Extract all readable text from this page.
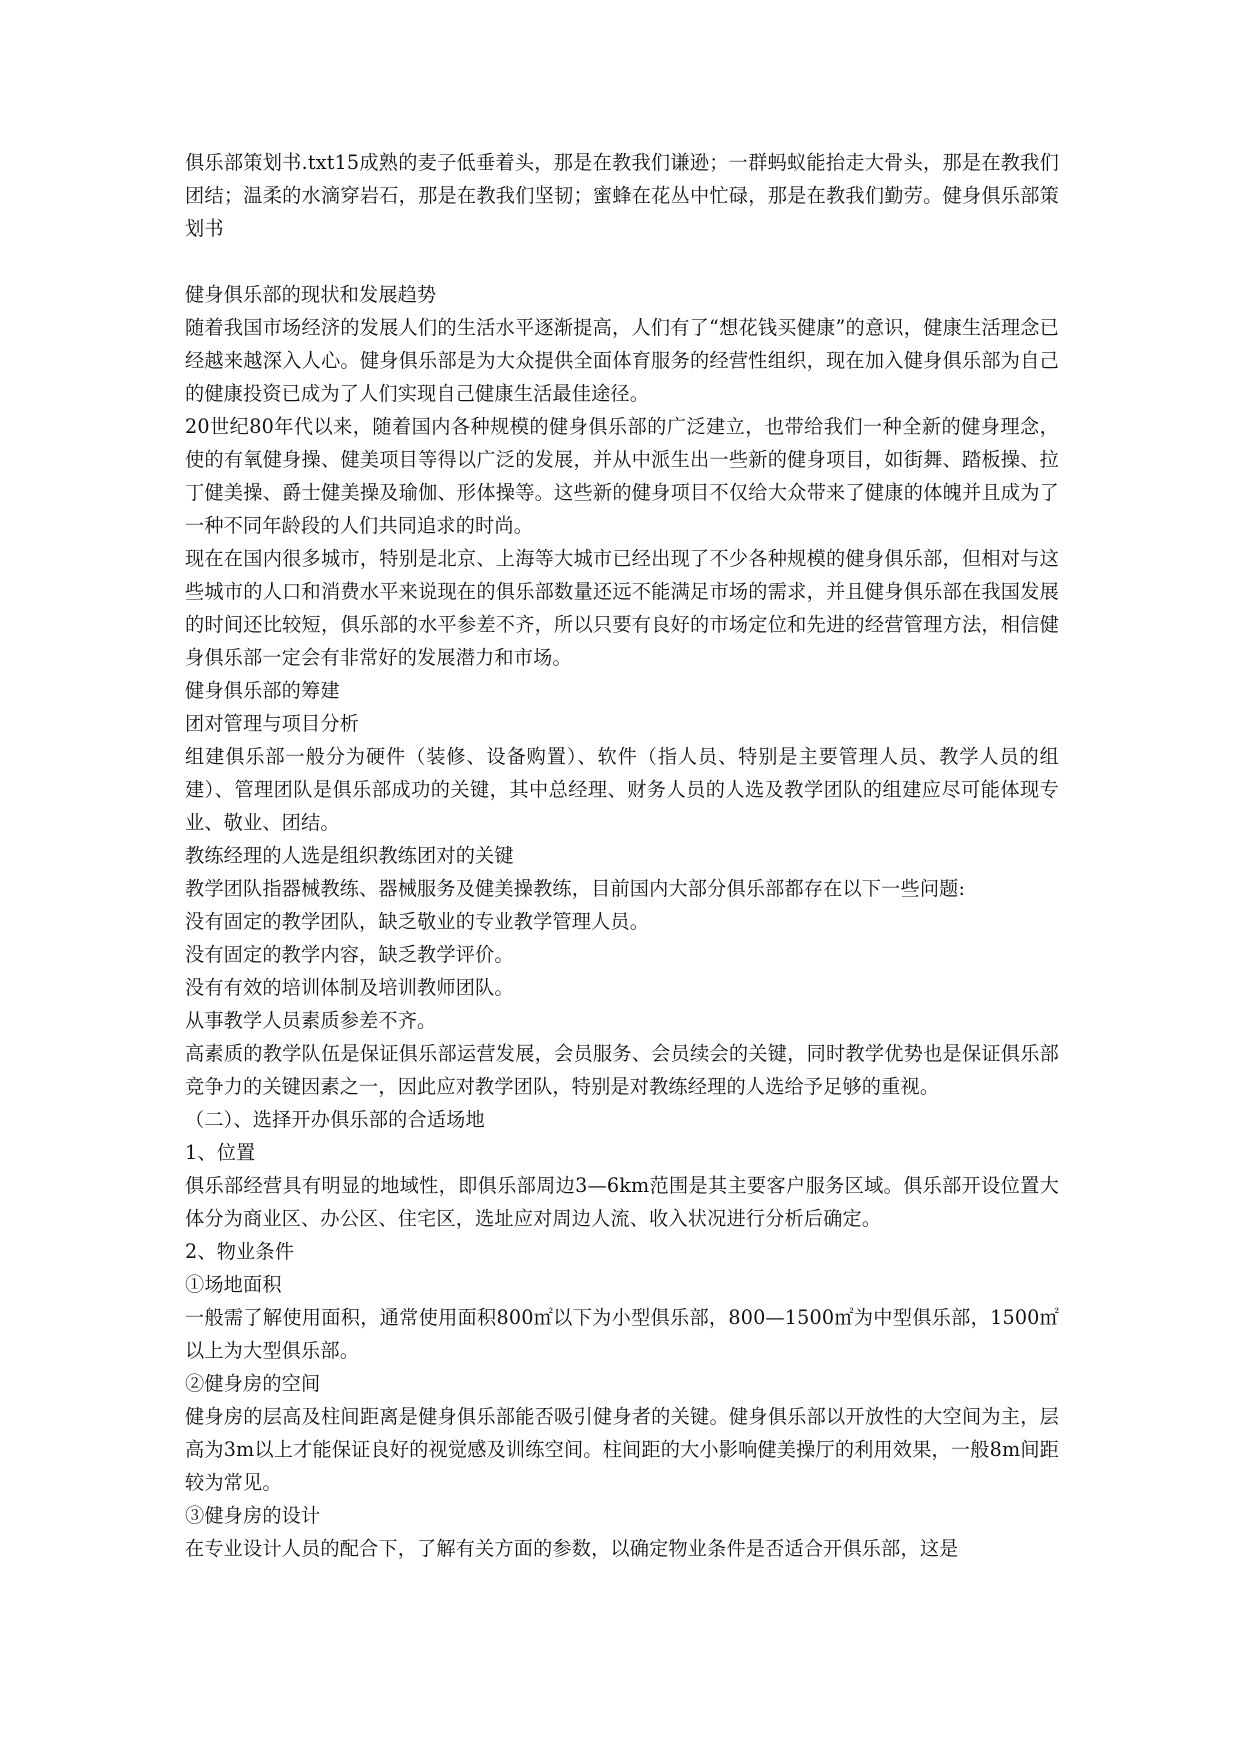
俱乐部策划书.txt15成熟的麦子低垂着头，那是在教我们谦逊；一群蚂蚁能抬走大骨头，那是在教我们团结；温柔的水滴穿岩石，那是在教我们坚韧；蜜蜂在花丛中忙碌，那是在教我们勤劳。健身俱乐部策划书

健身俱乐部的现状和发展趋势

随着我国市场经济的发展人们的生活水平逐渐提高，人们有了“想花钱买健康”的意识，健康生活理念已经越来越深入人心。健身俱乐部是为大众提供全面体育服务的经营性组织，现在加入健身俱乐部为自己的健康投资已成为了人们实现自己健康生活最佳途径。

20世纪80年代以来，随着国内各种规模的健身俱乐部的广泛建立，也带给我们一种全新的健身理念，使的有氧健身操、健美项目等得以广泛的发展，并从中派生出一些新的健身项目，如街舞、踏板操、拉丁健美操、爵士健美操及瑜伽、形体操等。这些新的健身项目不仅给大众带来了健康的体魄并且成为了一种不同年龄段的人们共同追求的时尚。

现在在国内很多城市，特别是北京、上海等大城市已经出现了不少各种规模的健身俱乐部，但相对与这些城市的人口和消费水平来说现在的俱乐部数量还远不能满足市场的需求，并且健身俱乐部在我国发展的时间还比较短，俱乐部的水平参差不齐，所以只要有良好的市场定位和先进的经营管理方法，相信健身俱乐部一定会有非常好的发展潜力和市场。

健身俱乐部的筹建

团对管理与项目分析

组建俱乐部一般分为硬件（装修、设备购置）、软件（指人员、特别是主要管理人员、教学人员的组建）、管理团队是俱乐部成功的关键，其中总经理、财务人员的人选及教学团队的组建应尽可能体现专业、敬业、团结。

教练经理的人选是组织教练团对的关键

教学团队指器械教练、器械服务及健美操教练，目前国内大部分俱乐部都存在以下一些问题:

没有固定的教学团队，缺乏敬业的专业教学管理人员。

没有固定的教学内容，缺乏教学评价。

没有有效的培训体制及培训教师团队。

从事教学人员素质参差不齐。

高素质的教学队伍是保证俱乐部运营发展，会员服务、会员续会的关键，同时教学优势也是保证俱乐部竞争力的关键因素之一，因此应对教学团队，特别是对教练经理的人选给予足够的重视。

（二）、选择开办俱乐部的合适场地

1、位置

俱乐部经营具有明显的地域性，即俱乐部周边3—6km范围是其主要客户服务区域。俱乐部开设位置大体分为商业区、办公区、住宅区，选址应对周边人流、收入状况进行分析后确定。

2、物业条件

①场地面积

一般需了解使用面积，通常使用面积800㎡以下为小型俱乐部，800—1500㎡为中型俱乐部，1500㎡以上为大型俱乐部。

②健身房的空间

健身房的层高及柱间距离是健身俱乐部能否吸引健身者的关键。健身俱乐部以开放性的大空间为主，层高为3m以上才能保证良好的视觉感及训练空间。柱间距的大小影响健美操厅的利用效果，一般8m间距较为常见。

③健身房的设计

在专业设计人员的配合下，了解有关方面的参数，以确定物业条件是否适合开俱乐部，这是
